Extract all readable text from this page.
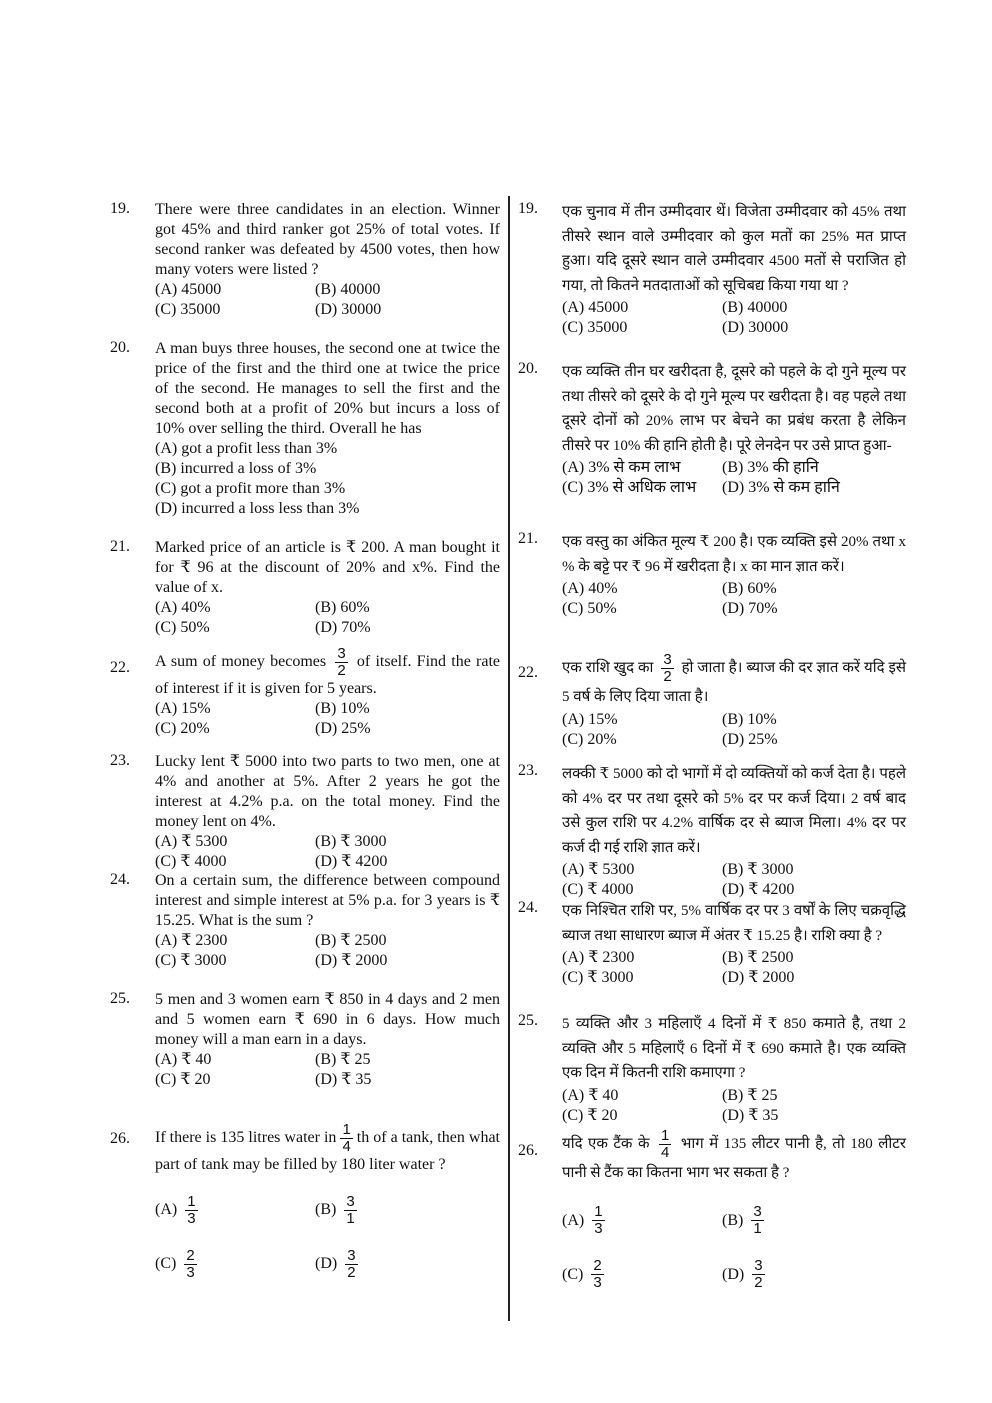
19. There were three candidates in an election. Winner got 45% and third ranker got 25% of total votes. If second ranker was defeated by 4500 votes, then how many voters were listed ?
(A) 45000	(B) 40000
(C) 35000	(D) 30000
20. A man buys three houses, the second one at twice the price of the first and the third one at twice the price of the second. He manages to sell the first and the second both at a profit of 20% but incurs a loss of 10% over selling the third. Overall he has
(A) got a profit less than 3%
(B) incurred a loss of 3%
(C) got a profit more than 3%
(D) incurred a loss less than 3%
21. Marked price of an article is ₹ 200. A man bought it for ₹ 96 at the discount of 20% and x%. Find the value of x.
(A) 40%	(B) 60%
(C) 50%	(D) 70%
22. A sum of money becomes $\frac{3}{2}$ of itself. Find the rate of interest if it is given for 5 years.
(A) 15%	(B) 10%
(C) 20%	(D) 25%
23. Lucky lent ₹ 5000 into two parts to two men, one at 4% and another at 5%. After 2 years he got the interest at 4.2% p.a. on the total money. Find the money lent on 4%.
(A) ₹ 5300	(B) ₹ 3000
(C) ₹ 4000	(D) ₹ 4200
24. On a certain sum, the difference between compound interest and simple interest at 5% p.a. for 3 years is ₹ 15.25. What is the sum ?
(A) ₹ 2300	(B) ₹ 2500
(C) ₹ 3000	(D) ₹ 2000
25. 5 men and 3 women earn ₹ 850 in 4 days and 2 men and 5 women earn ₹ 690 in 6 days. How much money will a man earn in a days.
(A) ₹ 40	(B) ₹ 25
(C) ₹ 20	(D) ₹ 35
26. If there is 135 litres water in $\frac{1}{4}$ th of a tank, then what part of tank may be filled by 180 liter water ?
$(A) \frac{1}{3}$	$(B) \frac{3}{1}$
$(C) \frac{2}{3}$	$(D) \frac{3}{2}$
19. एक चुनाव में तीन उम्मीदवार थें। विजेता उम्मीदवार को 45% तथा तीसरे स्थान वाले उम्मीदवार को कुल मतों का 25% मत प्राप्त हुआ। यदि दूसरे स्थान वाले उम्मीदवार 4500 मतों से पराजित हो गया, तो कितने मतदाताओं को सूचिबद्य किया गया था ?
(A) 45000	(B) 40000
(C) 35000	(D) 30000
20. एक व्यक्ति तीन घर खरीदता है, दूसरे को पहले के दो गुने मूल्य पर तथा तीसरे को दूसरे के दो गुने मूल्य पर खरीदता है। वह पहले तथा दूसरे दोनों को 20% लाभ पर बेचने का प्रबंध करता है लेकिन तीसरे पर 10% की हानि होती है। पूरे लेनदेन पर उसे प्राप्त हुआ-
(A) 3% से कम लाभ	(B) 3% की हानि
(C) 3% से अधिक लाभ	(D) 3% से कम हानि
21. एक वस्तु का अंकित मूल्य ₹ 200 है। एक व्यक्ति इसे 20% तथा x % के बट्टे पर ₹ 96 में खरीदता है। x का मान ज्ञात करें।
(A) 40%	(B) 60%
(C) 50%	(D) 70%
22. एक राशि खुद का $\frac{3}{2}$ हो जाता है। ब्याज की दर ज्ञात करें यदि इसे 5 वर्ष के लिए दिया जाता है।
(A) 15%	(B) 10%
(C) 20%	(D) 25%
23. लक्की ₹ 5000 को दो भागों में दो व्यक्तियों को कर्ज देता है। पहले को 4% दर पर तथा दूसरे को 5% दर पर कर्ज दिया। 2 वर्ष बाद उसे कुल राशि पर 4.2% वार्षिक दर से ब्याज मिला। 4% दर पर कर्ज दी गई राशि ज्ञात करें।
(A) ₹ 5300	(B) ₹ 3000
(C) ₹ 4000	(D) ₹ 4200
24. एक निश्चित राशि पर, 5% वार्षिक दर पर 3 वर्षों के लिए चक्रवृद्धि ब्याज तथा साधारण ब्याज में अंतर ₹ 15.25 है। राशि क्या है ?
(A) ₹ 2300	(B) ₹ 2500
(C) ₹ 3000	(D) ₹ 2000
25. 5 व्यक्ति और 3 महिलाएँ 4 दिनों में ₹ 850 कमाते है, तथा 2 व्यक्ति और 5 महिलाएँ 6 दिनों में ₹ 690 कमाते है। एक व्यक्ति एक दिन में कितनी राशि कमाएगा ?
(A) ₹ 40	(B) ₹ 25
(C) ₹ 20	(D) ₹ 35
26. यदि एक टैंक के $\frac{1}{4}$ भाग में 135 लीटर पानी है, तो 180 लीटर पानी से टैंक का कितना भाग भर सकता है ?
$(A) \frac{1}{3}$	$(B) \frac{3}{1}$
$(C) \frac{2}{3}$	$(D) \frac{3}{2}$
